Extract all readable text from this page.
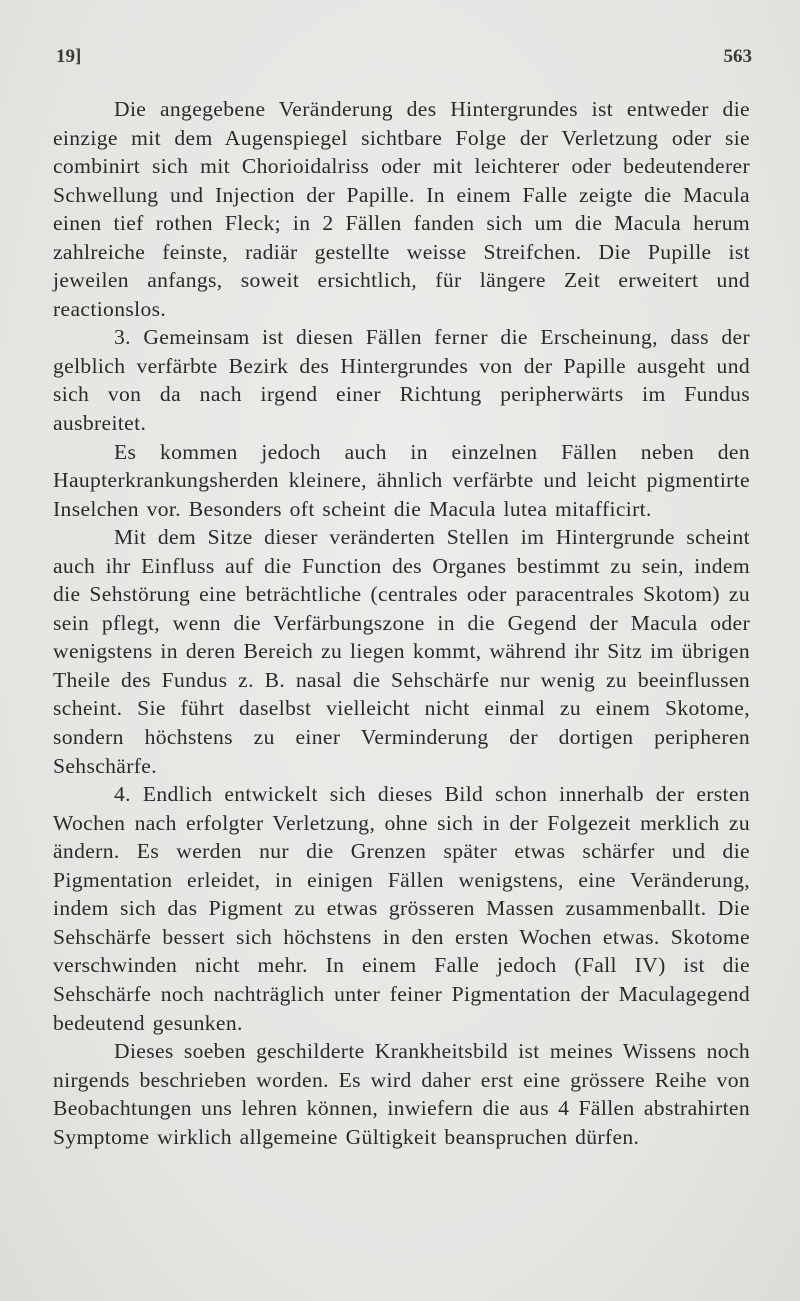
19]	563

Die angegebene Veränderung des Hintergrundes ist entweder die einzige mit dem Augenspiegel sichtbare Folge der Verletzung oder sie combinirt sich mit Chorioidalriss oder mit leichterer oder bedeutenderer Schwellung und Injection der Papille. In einem Falle zeigte die Macula einen tief rothen Fleck; in 2 Fällen fanden sich um die Macula herum zahlreiche feinste, radiär gestellte weisse Streifchen. Die Pupille ist jeweilen anfangs, soweit ersichtlich, für längere Zeit erweitert und reactionslos.

3. Gemeinsam ist diesen Fällen ferner die Erscheinung, dass der gelblich verfärbte Bezirk des Hintergrundes von der Papille ausgeht und sich von da nach irgend einer Richtung peripherwärts im Fundus ausbreitet.

Es kommen jedoch auch in einzelnen Fällen neben den Haupterkrankungsherden kleinere, ähnlich verfärbte und leicht pigmentirte Inselchen vor. Besonders oft scheint die Macula lutea mitafficirt.

Mit dem Sitze dieser veränderten Stellen im Hintergrunde scheint auch ihr Einfluss auf die Function des Organes bestimmt zu sein, indem die Sehstörung eine beträchtliche (centrales oder paracentrales Skotom) zu sein pflegt, wenn die Verfärbungszone in die Gegend der Macula oder wenigstens in deren Bereich zu liegen kommt, während ihr Sitz im übrigen Theile des Fundus z. B. nasal die Sehschärfe nur wenig zu beeinflussen scheint. Sie führt daselbst vielleicht nicht einmal zu einem Skotome, sondern höchstens zu einer Verminderung der dortigen peripheren Sehschärfe.

4. Endlich entwickelt sich dieses Bild schon innerhalb der ersten Wochen nach erfolgter Verletzung, ohne sich in der Folgezeit merklich zu ändern. Es werden nur die Grenzen später etwas schärfer und die Pigmentation erleidet, in einigen Fällen wenigstens, eine Veränderung, indem sich das Pigment zu etwas grösseren Massen zusammenballt. Die Sehschärfe bessert sich höchstens in den ersten Wochen etwas. Skotome verschwinden nicht mehr. In einem Falle jedoch (Fall IV) ist die Sehschärfe noch nachträglich unter feiner Pigmentation der Maculagegend bedeutend gesunken.

Dieses soeben geschilderte Krankheitsbild ist meines Wissens noch nirgends beschrieben worden. Es wird daher erst eine grössere Reihe von Beobachtungen uns lehren können, inwiefern die aus 4 Fällen abstrahirten Symptome wirklich allgemeine Gültigkeit beanspruchen dürfen.
